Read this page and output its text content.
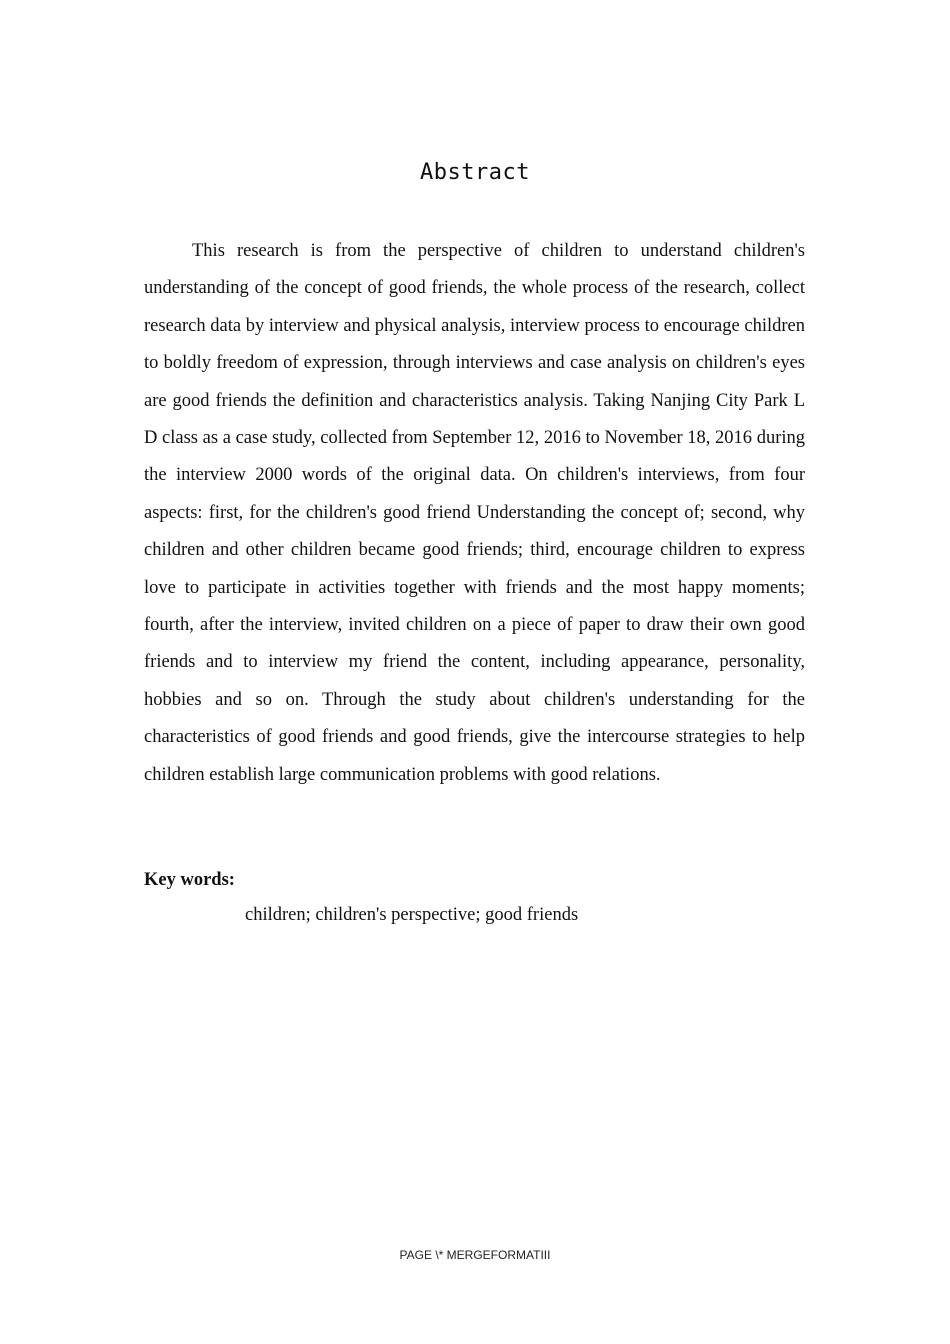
Abstract

This research is from the perspective of children to understand children's understanding of the concept of good friends, the whole process of the research, collect research data by interview and physical analysis, interview process to encourage children to boldly freedom of expression, through interviews and case analysis on children's eyes are good friends the definition and characteristics analysis. Taking Nanjing City Park L D class as a case study, collected from September 12, 2016 to November 18, 2016 during the interview 2000 words of the original data. On children's interviews, from four aspects: first, for the children's good friend Understanding the concept of; second, why children and other children became good friends; third, encourage children to express love to participate in activities together with friends and the most happy moments; fourth, after the interview, invited children on a piece of paper to draw their own good friends and to interview my friend the content, including appearance, personality, hobbies and so on. Through the study about children's understanding for the characteristics of good friends and good friends, give the intercourse strategies to help children establish large communication problems with good relations.

Key words:
children; children's perspective; good friends
PAGE \* MERGEFORMATIII
